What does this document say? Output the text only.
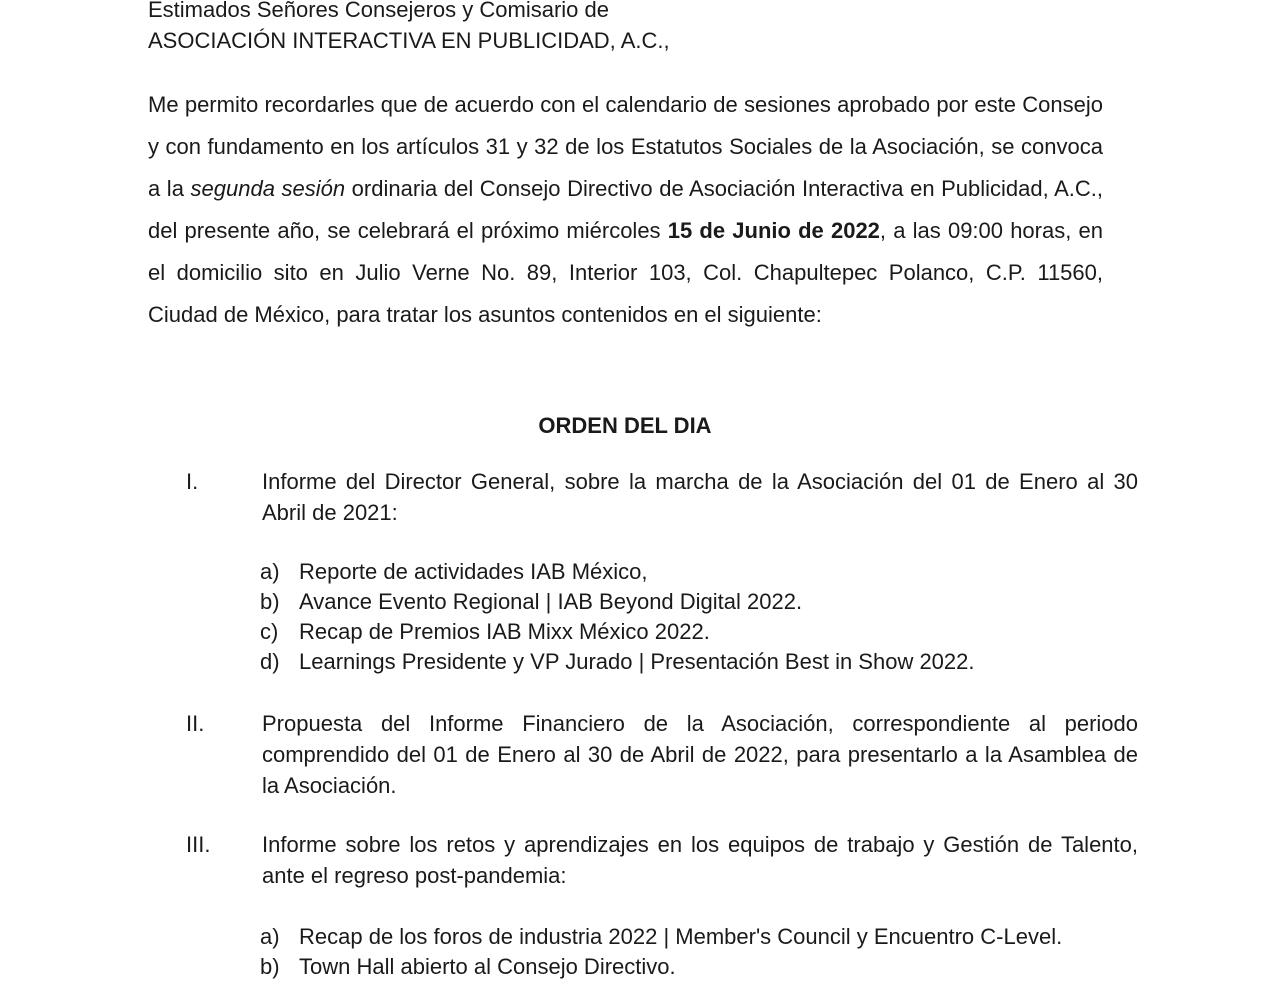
Estimados Señores Consejeros y Comisario de
ASOCIACIÓN INTERACTIVA EN PUBLICIDAD, A.C.,

Me permito recordarles que de acuerdo con el calendario de sesiones aprobado por este Consejo y con fundamento en los artículos 31 y 32 de los Estatutos Sociales de la Asociación, se convoca a la segunda sesión ordinaria del Consejo Directivo de Asociación Interactiva en Publicidad, A.C., del presente año, se celebrará el próximo miércoles 15 de Junio de 2022, a las 09:00 horas, en el domicilio sito en Julio Verne No. 89, Interior 103, Col. Chapultepec Polanco, C.P. 11560, Ciudad de México, para tratar los asuntos contenidos en el siguiente:

ORDEN DEL DIA
I.	Informe del Director General, sobre la marcha de la Asociación del 01 de Enero al 30 Abril de 2021:

a) Reporte de actividades IAB México,
b) Avance Evento Regional | IAB Beyond Digital 2022.
c) Recap de Premios IAB Mixx México 2022.
d) Learnings Presidente y VP Jurado | Presentación Best in Show 2022.
II.	Propuesta del Informe Financiero de la Asociación, correspondiente al periodo comprendido del 01 de Enero al 30 de Abril de 2022, para presentarlo a la Asamblea de la Asociación.

III. Informe sobre los retos y aprendizajes en los equipos de trabajo y Gestión de Talento, ante el regreso post-pandemia:

a) Recap de los foros de industria 2022 | Member's Council y Encuentro C-Level.
b) Town Hall abierto al Consejo Directivo.
